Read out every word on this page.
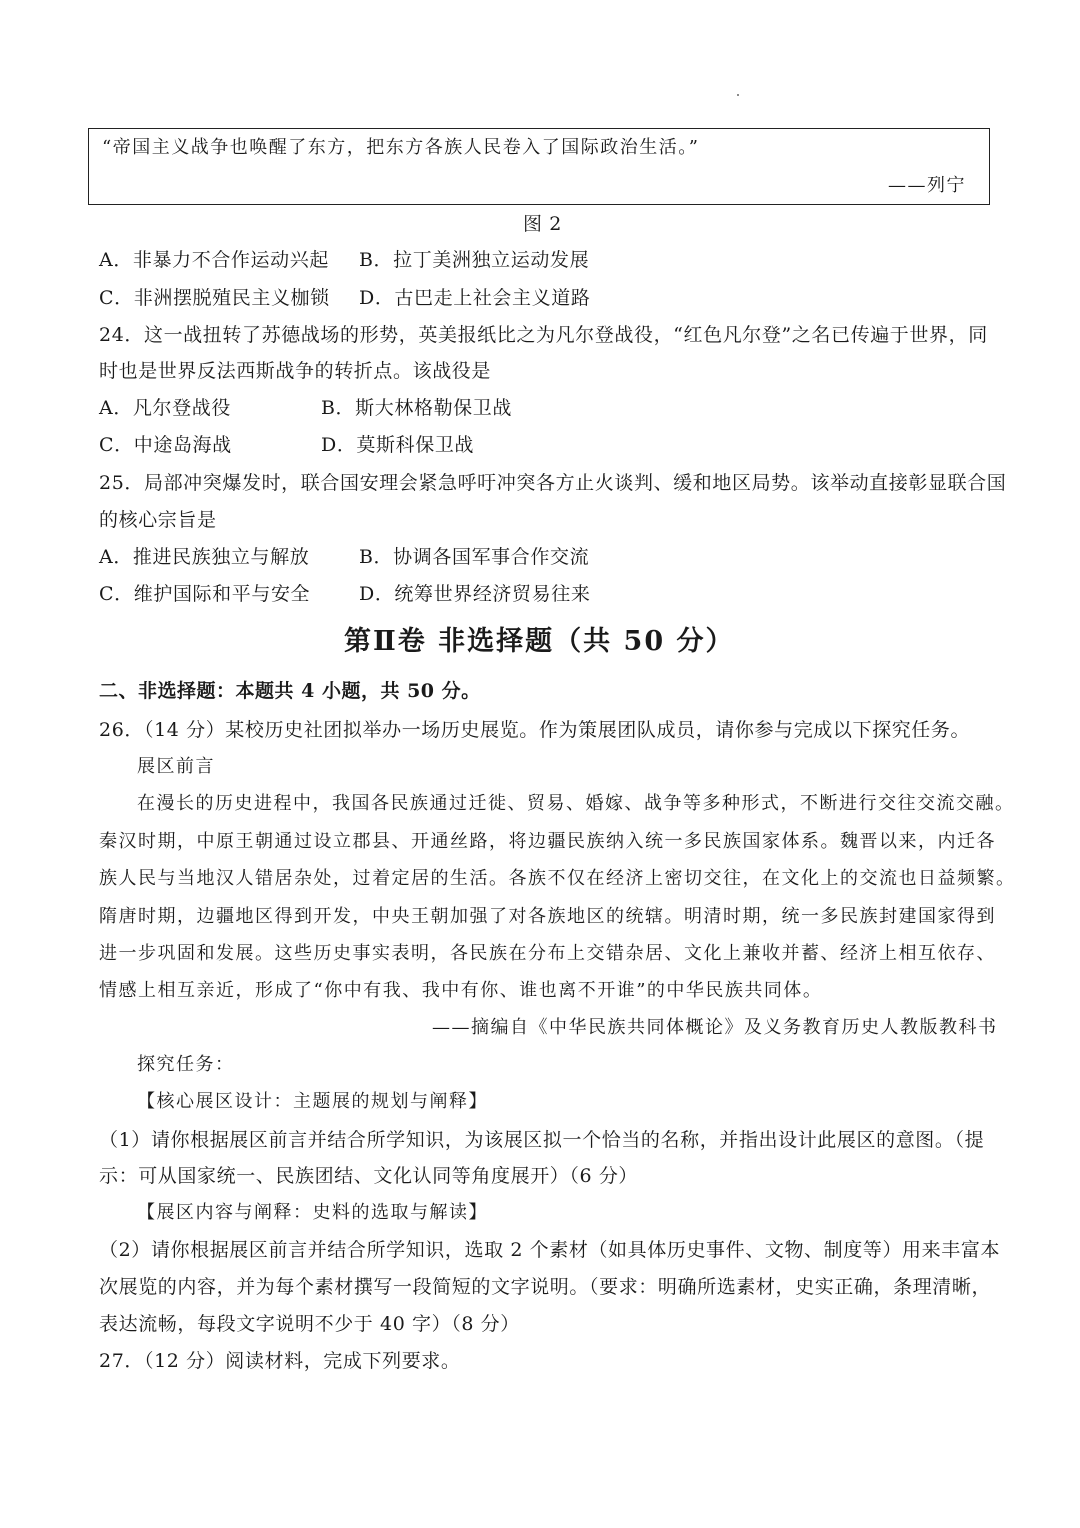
“帝国主义战争也唤醒了东方，把东方各族人民卷入了国际政治生活。”
——列宁
图 2
A．非暴力不合作运动兴起 B．拉丁美洲独立运动发展
C．非洲摆脱殖民主义枷锁 D．古巴走上社会主义道路
24．这一战扭转了苏德战场的形势，英美报纸比之为凡尔登战役，“红色凡尔登”之名已传遍于世界，同
时也是世界反法西斯战争的转折点。该战役是
A．凡尔登战役	B．斯大林格勒保卫战
C．中途岛海战	D．莫斯科保卫战
25．局部冲突爆发时，联合国安理会紧急呼吁冲突各方止火谈判、缓和地区局势。该举动直接彰显联合国
的核心宗旨是
A．推进民族独立与解放	B．协调各国军事合作交流
C．维护国际和平与安全	D．统筹世界经济贸易往来
第Ⅱ卷 非选择题（共 50 分）
二、非选择题：本题共 4 小题，共 50 分。
26．（14 分）某校历史社团拟举办一场历史展览。作为策展团队成员，请你参与完成以下探究任务。
展区前言
在漫长的历史进程中，我国各民族通过迁徙、贸易、婚嫁、战争等多种形式，不断进行交往交流交融。
秦汉时期，中原王朝通过设立郡县、开通丝路，将边疆民族纳入统一多民族国家体系。魏晋以来，内迁各
族人民与当地汉人错居杂处，过着定居的生活。各族不仅在经济上密切交往，在文化上的交流也日益频繁。
隋唐时期，边疆地区得到开发，中央王朝加强了对各族地区的统辖。明清时期，统一多民族封建国家得到
进一步巩固和发展。这些历史事实表明，各民族在分布上交错杂居、文化上兼收并蓄、经济上相互依存、
情感上相互亲近，形成了“你中有我、我中有你、谁也离不开谁”的中华民族共同体。
——摘编自《中华民族共同体概论》及义务教育历史人教版教科书
探究任务：
【核心展区设计：主题展的规划与阐释】
（1）请你根据展区前言并结合所学知识，为该展区拟一个恰当的名称，并指出设计此展区的意图。（提
示：可从国家统一、民族团结、文化认同等角度展开）（6 分）
【展区内容与阐释：史料的选取与解读】
（2）请你根据展区前言并结合所学知识，选取 2 个素材（如具体历史事件、文物、制度等）用来丰富本
次展览的内容，并为每个素材撰写一段简短的文字说明。（要求：明确所选素材，史实正确，条理清晰，
表达流畅，每段文字说明不少于 40 字）（8 分）
27．（12 分）阅读材料，完成下列要求。
